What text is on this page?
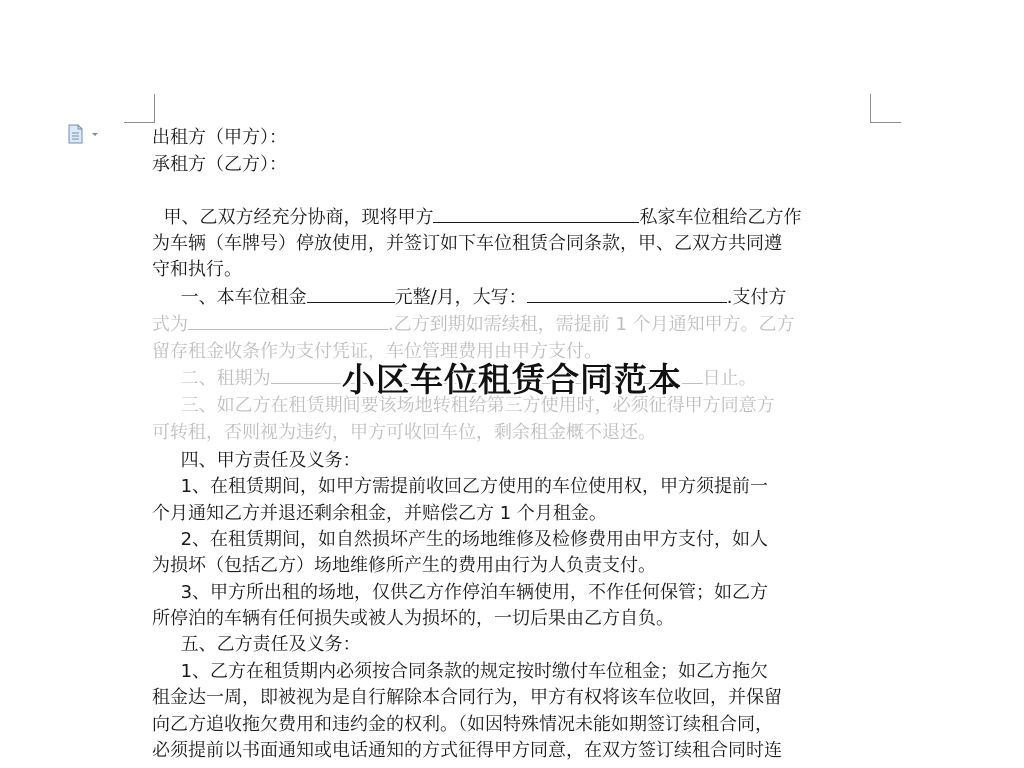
出租方（甲方）：
承租方（乙方）：
甲、乙双方经充分协商，现将甲方	私家车位租给乙方作
为车辆（车牌号）停放使用，并签订如下车位租赁合同条款，甲、乙双方共同遵
守和执行。
一、本车位租金	元整/月，大写：	.支付方
式为	.乙方到期如需续租，需提前 1 个月通知甲方。乙方
留存租金收条作为支付凭证，车位管理费用由甲方支付。
二、租期为	日止。
三、如乙方在租赁期间要该场地转租给第三方使用时，必须征得甲方同意方
可转租，否则视为违约，甲方可收回车位，剩余租金概不退还。
四、甲方责任及义务：
1、在租赁期间，如甲方需提前收回乙方使用的车位使用权，甲方须提前一
个月通知乙方并退还剩余租金，并赔偿乙方 1 个月租金。
2、在租赁期间，如自然损坏产生的场地维修及检修费用由甲方支付，如人
为损坏（包括乙方）场地维修所产生的费用由行为人负责支付。
3、甲方所出租的场地，仅供乙方作停泊车辆使用，不作任何保管；如乙方
所停泊的车辆有任何损失或被人为损坏的，一切后果由乙方自负。
五、乙方责任及义务：
1、乙方在租赁期内必须按合同条款的规定按时缴付车位租金；如乙方拖欠
租金达一周，即被视为是自行解除本合同行为，甲方有权将该车位收回，并保留
向乙方追收拖欠费用和违约金的权利。（如因特殊情况未能如期签订续租合同，
必须提前以书面通知或电话通知的方式征得甲方同意，在双方签订续租合同时连
小区车位租赁合同范本
